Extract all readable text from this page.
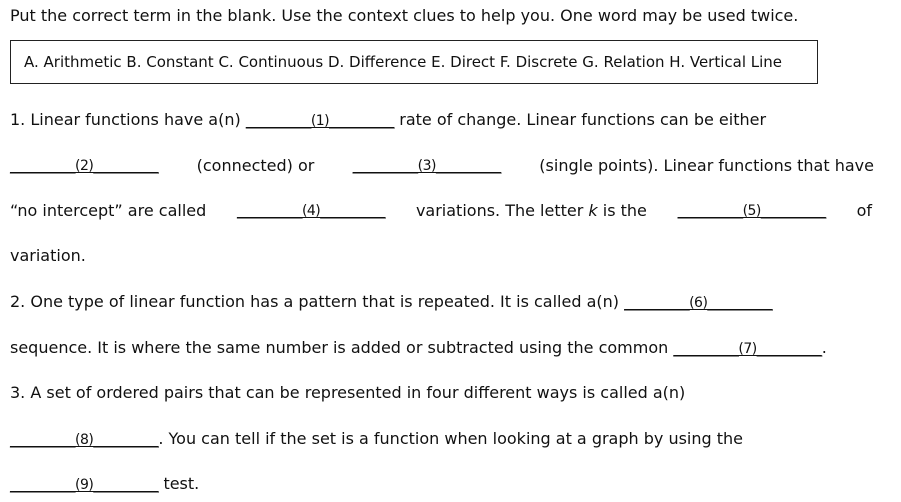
Put the correct term in the blank. Use the context clues to help you. One word may be used twice.
A. Arithmetic B. Constant C. Continuous D. Difference E. Direct F. Discrete G. Relation H. Vertical Line
1. Linear functions have a(n) __________(1)__________ rate of change. Linear functions can be either
__________(2)__________ (connected) or	__________(3)__________ (single points). Linear functions that have
“no intercept” are called __________(4)__________ variations. The letter k is the __________(5)__________ of
variation.
2. One type of linear function has a pattern that is repeated. It is called a(n) __________(6)__________
sequence. It is where the same number is added or subtracted using the common __________(7)__________.
3. A set of ordered pairs that can be represented in four different ways is called a(n)
__________(8)__________. You can tell if the set is a function when looking at a graph by using the
__________(9)__________ test.
